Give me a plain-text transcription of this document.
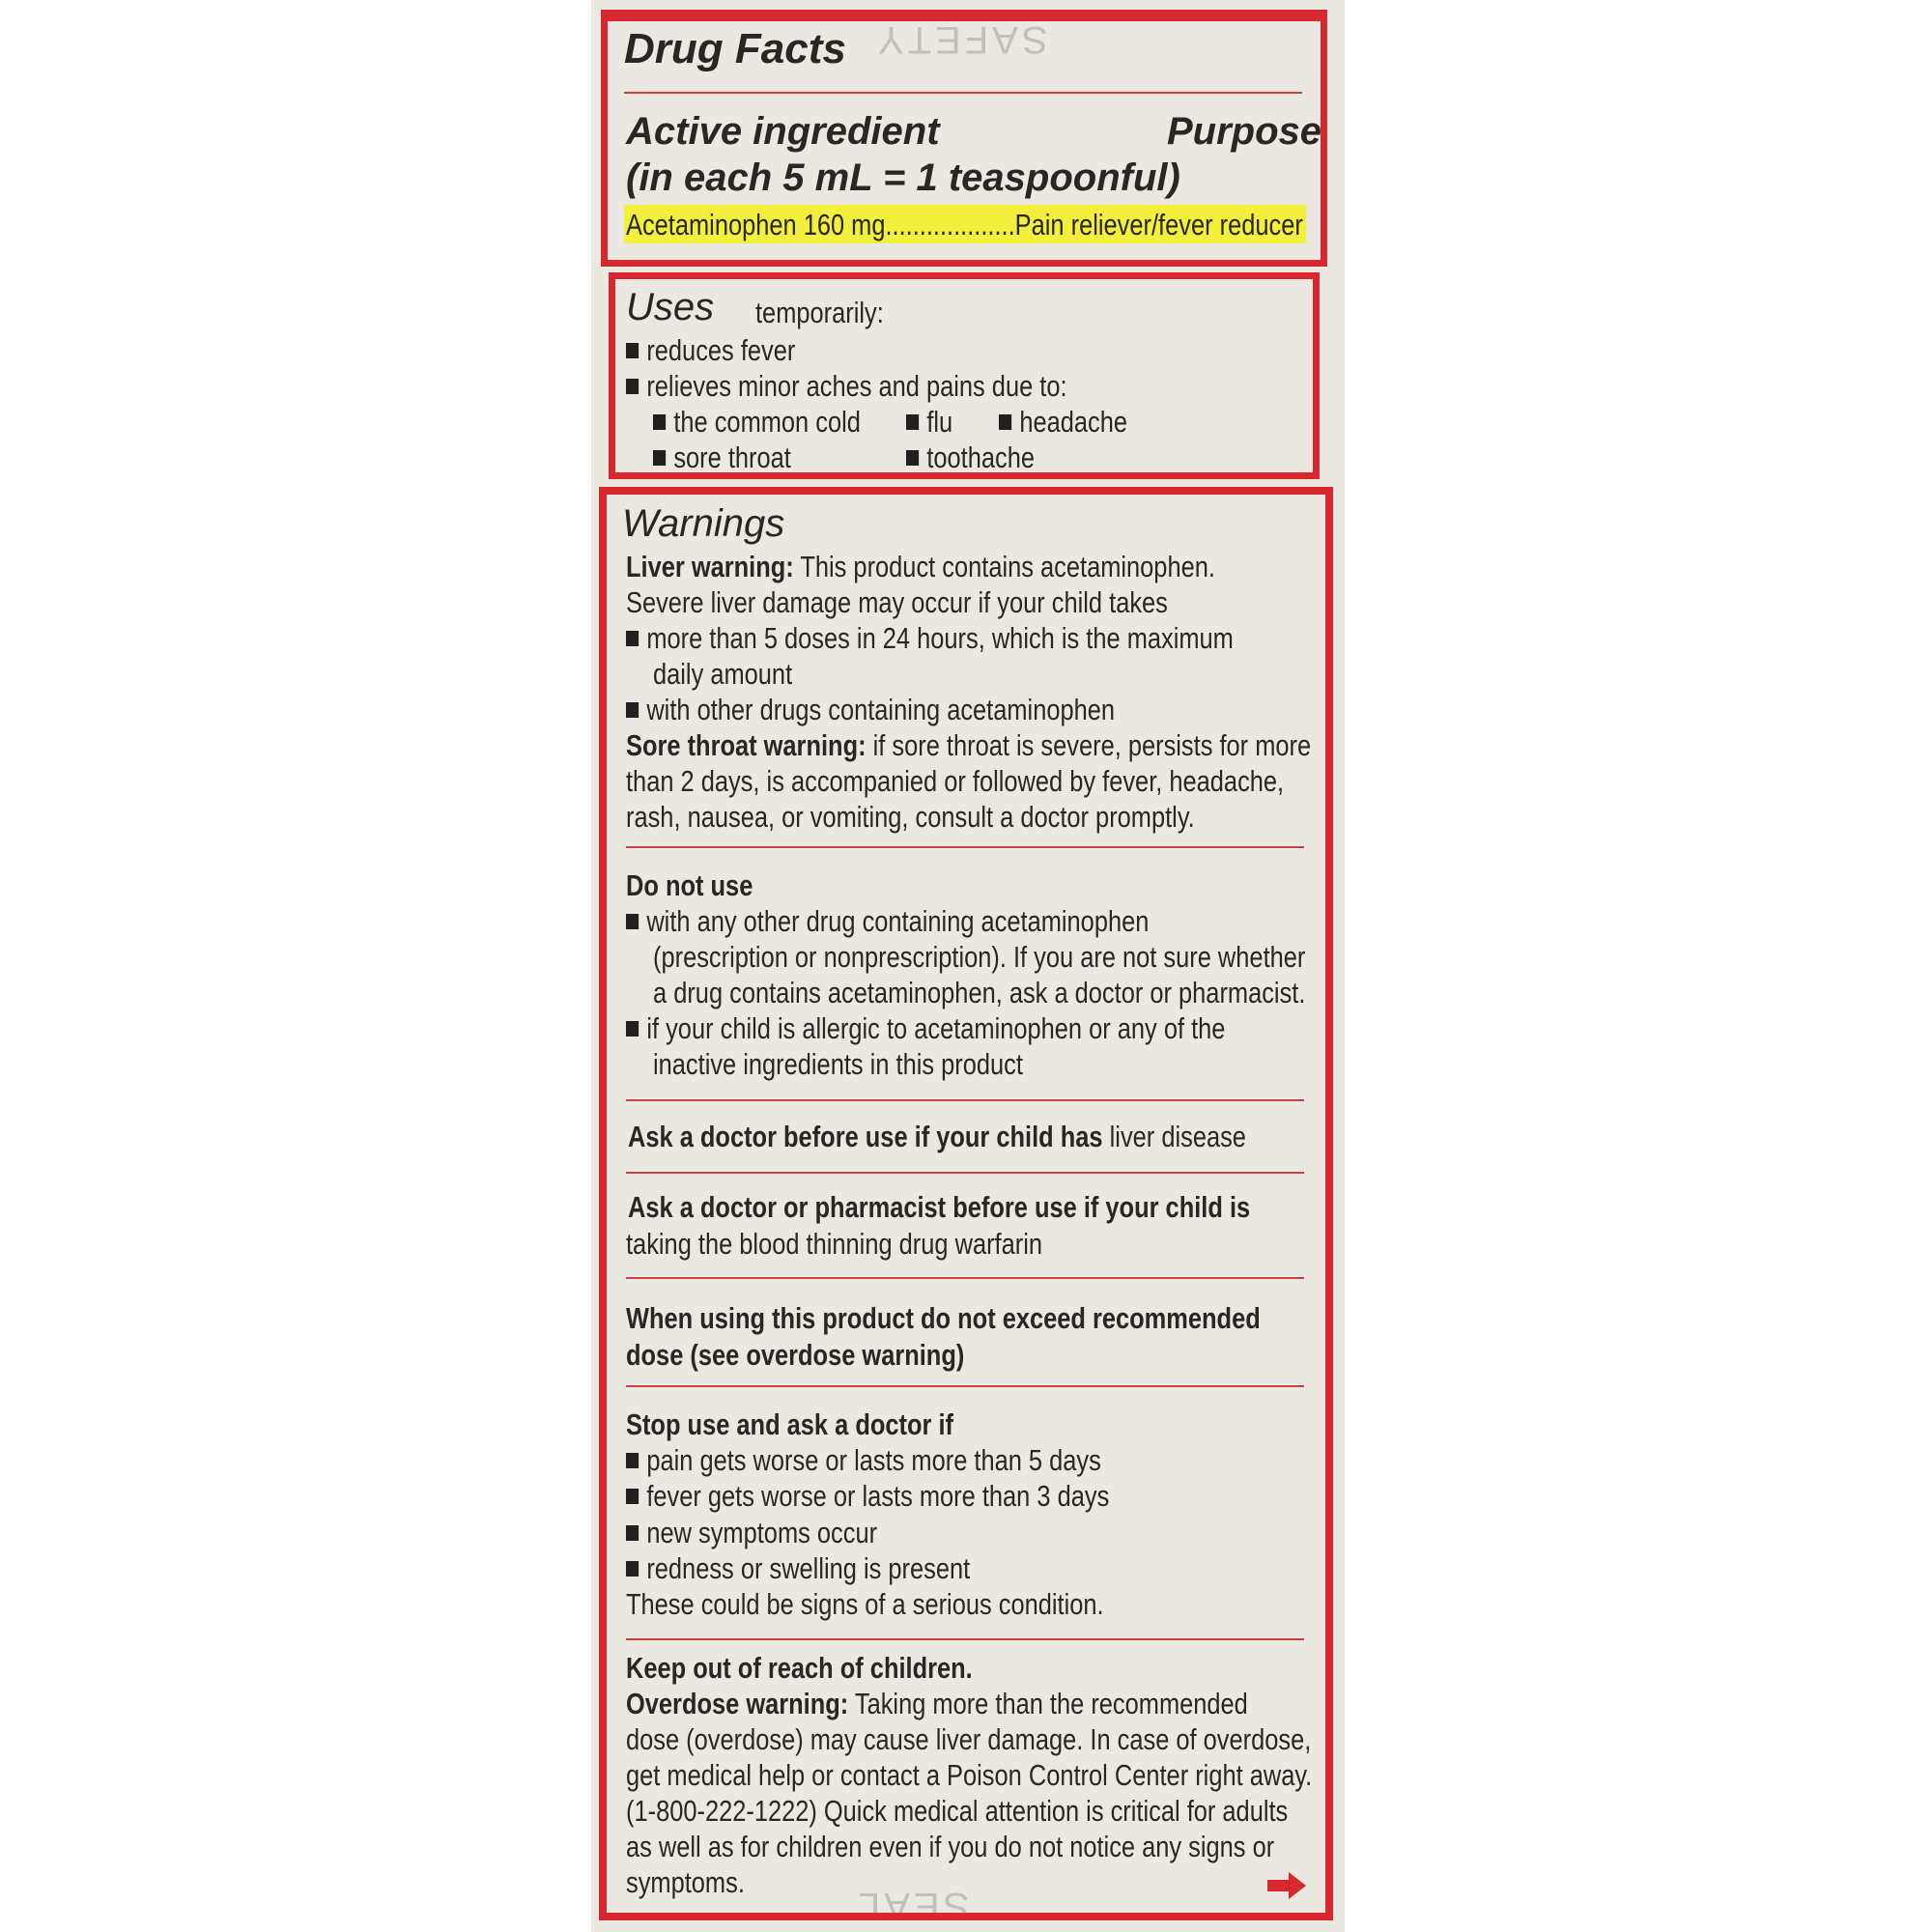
SAFETY
SEAL
Drug Facts
Active ingredient	Purpose
(in each 5 mL = 1 teaspoonful)
Acetaminophen 160 mg...................Pain reliever/fever reducer
Uses temporarily:
reduces fever
relieves minor aches and pains due to:
the common cold	flu	headache
sore throat	toothache
Warnings
Liver warning: This product contains acetaminophen.
Severe liver damage may occur if your child takes
more than 5 doses in 24 hours, which is the maximum
daily amount
with other drugs containing acetaminophen
Sore throat warning: if sore throat is severe, persists for more
than 2 days, is accompanied or followed by fever, headache,
rash, nausea, or vomiting, consult a doctor promptly.
Do not use
with any other drug containing acetaminophen
(prescription or nonprescription). If you are not sure whether
a drug contains acetaminophen, ask a doctor or pharmacist.
if your child is allergic to acetaminophen or any of the
inactive ingredients in this product
Ask a doctor before use if your child has liver disease
Ask a doctor or pharmacist before use if your child is
taking the blood thinning drug warfarin
When using this product do not exceed recommended
dose (see overdose warning)
Stop use and ask a doctor if
pain gets worse or lasts more than 5 days
fever gets worse or lasts more than 3 days
new symptoms occur
redness or swelling is present
These could be signs of a serious condition.
Keep out of reach of children.
Overdose warning: Taking more than the recommended
dose (overdose) may cause liver damage. In case of overdose,
get medical help or contact a Poison Control Center right away.
(1-800-222-1222) Quick medical attention is critical for adults
as well as for children even if you do not notice any signs or
symptoms.
